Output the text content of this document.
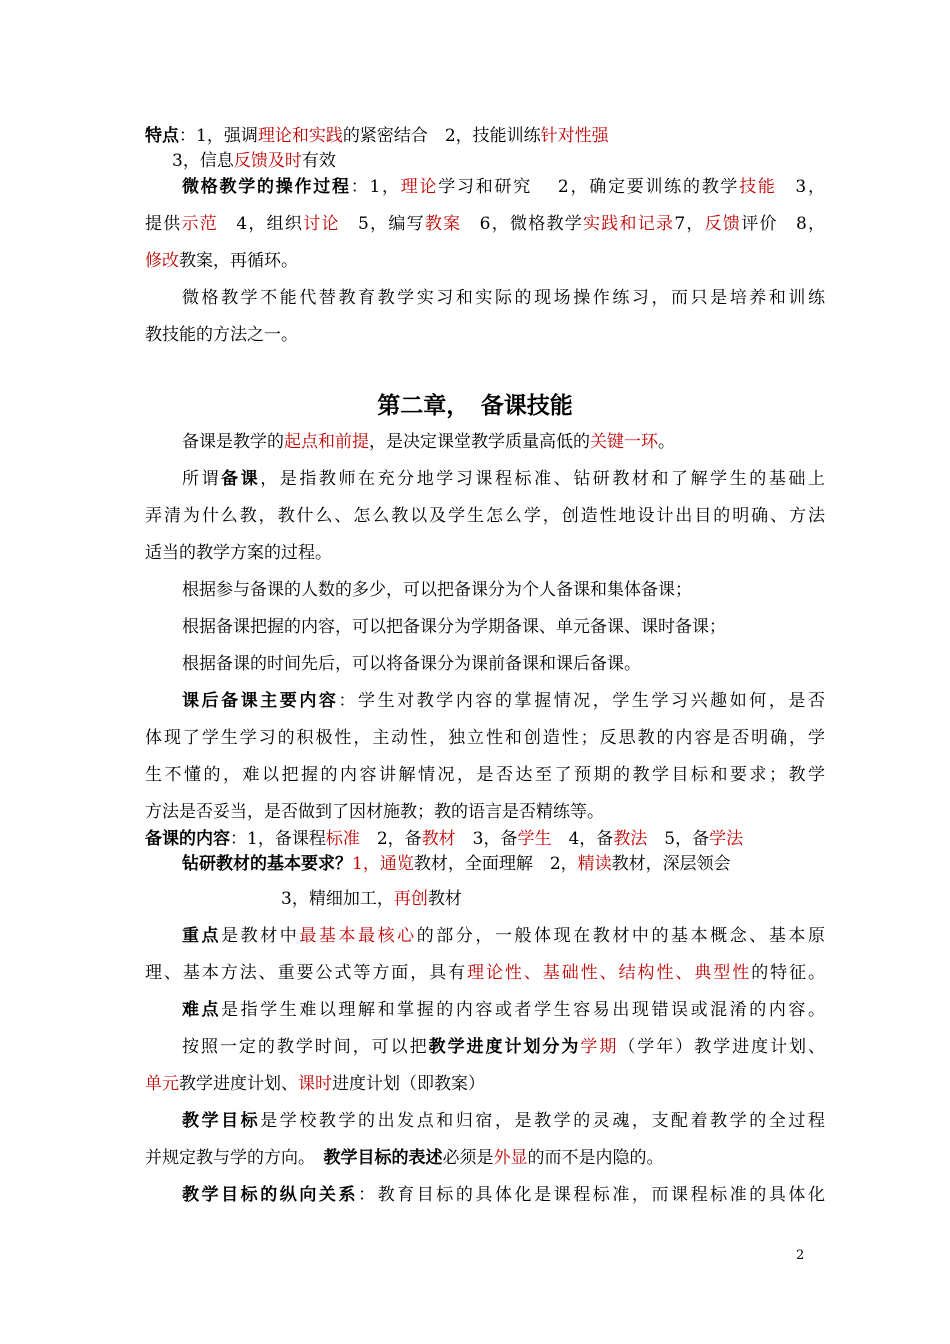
特点：1，强调理论和实践的紧密结合　2，技能训练针对性强
3，信息反馈及时有效
微格教学的操作过程：1，理论学习和研究　 2，确定要训练的教学技能　3，
提供示范　4，组织讨论　5，编写教案　6，微格教学实践和记录7，反馈评价　8，
修改教案，再循环。
微格教学不能代替教育教学实习和实际的现场操作练习，而只是培养和训练
教技能的方法之一。
备课是教学的起点和前提，是决定课堂教学质量高低的关键一环。
所谓备课，是指教师在充分地学习课程标准、钻研教材和了解学生的基础上
弄清为什么教，教什么、怎么教以及学生怎么学，创造性地设计出目的明确、方法
适当的教学方案的过程。
根据参与备课的人数的多少，可以把备课分为个人备课和集体备课；
根据备课把握的内容，可以把备课分为学期备课、单元备课、课时备课；
根据备课的时间先后，可以将备课分为课前备课和课后备课。
课后备课主要内容：学生对教学内容的掌握情况，学生学习兴趣如何，是否
体现了学生学习的积极性，主动性，独立性和创造性；反思教的内容是否明确，学
生不懂的，难以把握的内容讲解情况，是否达至了预期的教学目标和要求；教学
方法是否妥当，是否做到了因材施教；教的语言是否精练等。
备课的内容：1，备课程标准　2，备教材　3，备学生　4，备教法　5，备学法
钻研教材的基本要求？1，通览教材，全面理解　2，精读教材，深层领会
3，精细加工，再创教材
重点是教材中最基本最核心的部分，一般体现在教材中的基本概念、基本原
理、基本方法、重要公式等方面，具有理论性、基础性、结构性、典型性的特征。
难点是指学生难以理解和掌握的内容或者学生容易出现错误或混淆的内容。
按照一定的教学时间，可以把教学进度计划分为学期（学年）教学进度计划、
单元教学进度计划、课时进度计划（即教案）
教学目标是学校教学的出发点和归宿，是教学的灵魂，支配着教学的全过程
并规定教与学的方向。　教学目标的表述必须是外显的而不是内隐的。
教学目标的纵向关系：教育目标的具体化是课程标准，而课程标准的具体化
第二章，　备课技能
2
